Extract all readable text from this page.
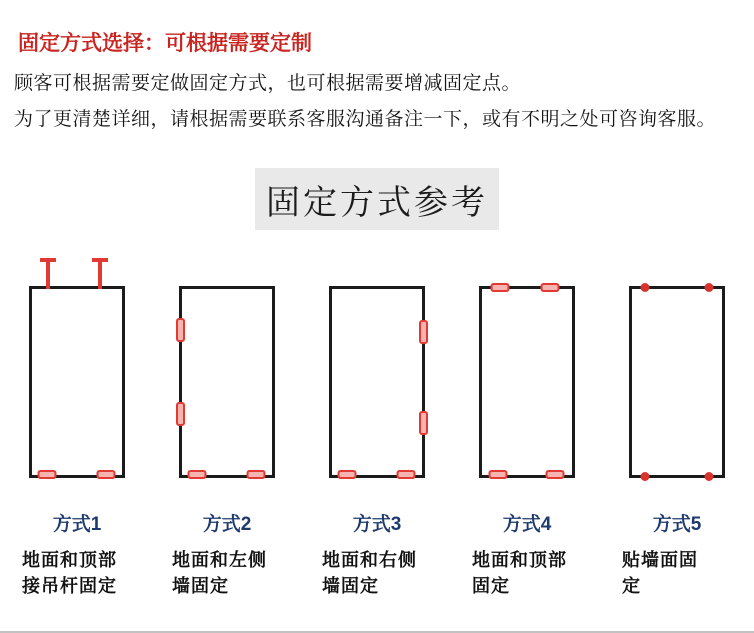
固定方式选择：可根据需要定制

顾客可根据需要定做固定方式，也可根据需要增减固定点。

为了更清楚详细，请根据需要联系客服沟通备注一下，或有不明之处可咨询客服。

固定方式参考
方式1
地面和顶部
接吊杆固定
方式2
地面和左侧
墙固定
方式3
地面和右侧
墙固定
方式4
地面和顶部
固定
方式5
贴墙面固
定
